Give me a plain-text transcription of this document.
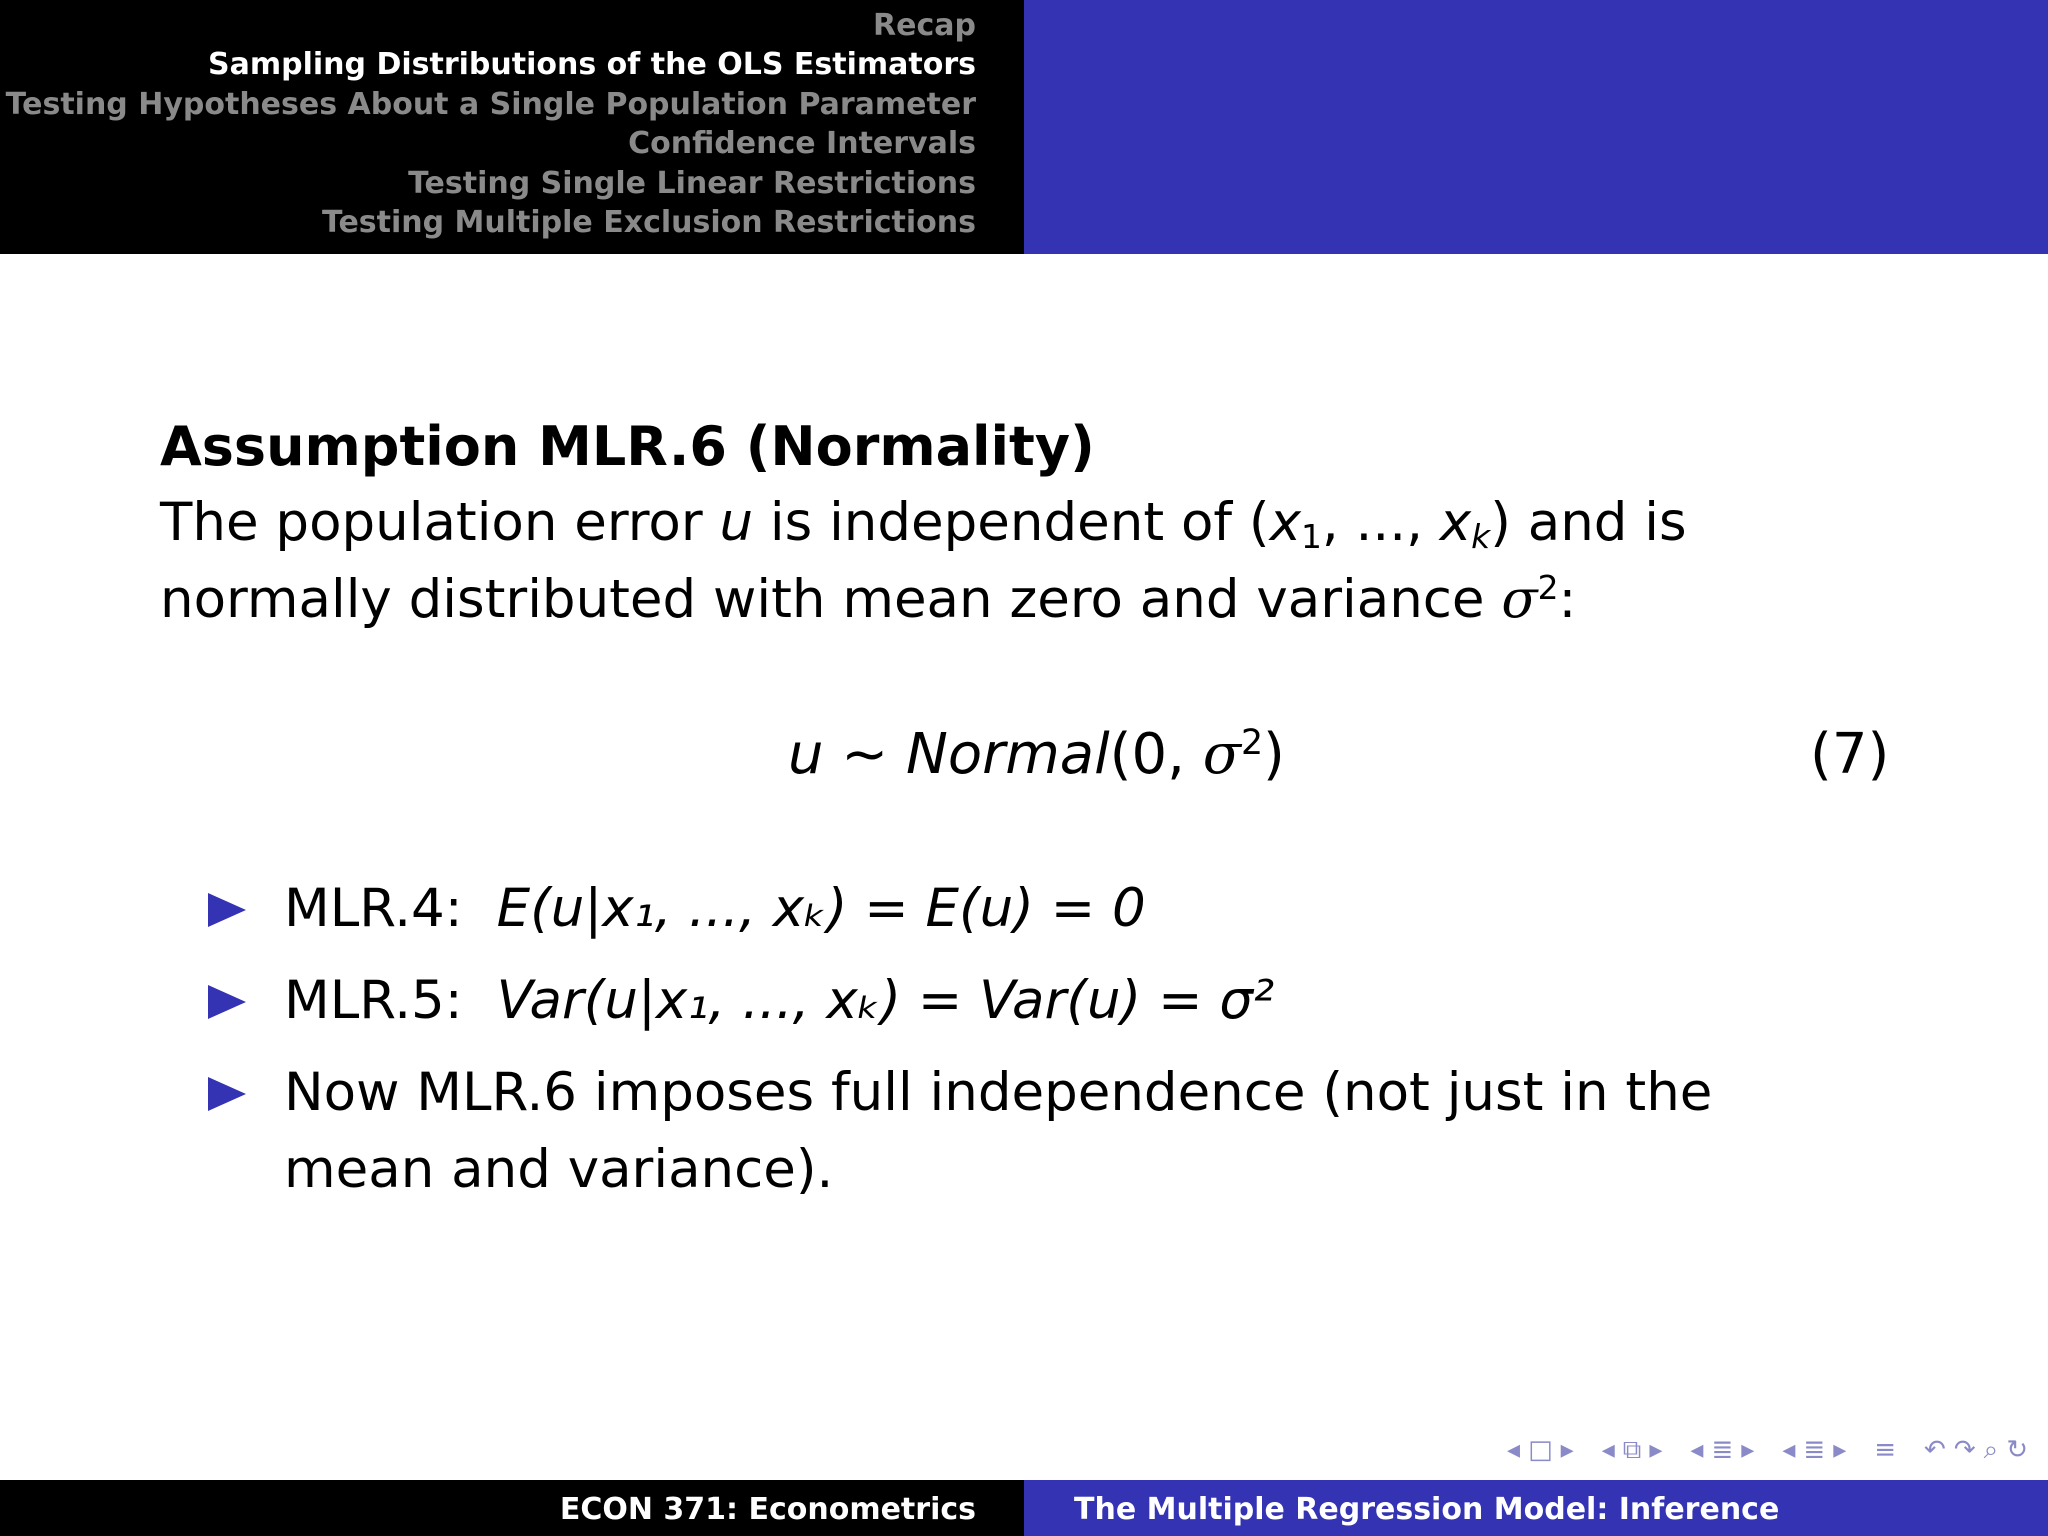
Recap
Sampling Distributions of the OLS Estimators
Testing Hypotheses About a Single Population Parameter
Confidence Intervals
Testing Single Linear Restrictions
Testing Multiple Exclusion Restrictions

Assumption MLR.6 (Normality)

The population error u is independent of ($x_1$, ..., $x_k$) and is normally distributed with mean zero and variance $\sigma^2$:

u ∼ Normal(0, $\sigma^2$)	(7)
MLR.4: E(u|x₁, ..., xₖ) = E(u) = 0
MLR.5: Var(u|x₁, ..., xₖ) = Var(u) = σ²
Now MLR.6 imposes full independence (not just in the mean and variance).
◂ □ ▸ ◂ ⧉ ▸ ◂ ≣ ▸ ◂ ≣ ▸ ≡ ↶ ↷ ⌕ ↻
ECON 371: Econometrics	The Multiple Regression Model: Inference
